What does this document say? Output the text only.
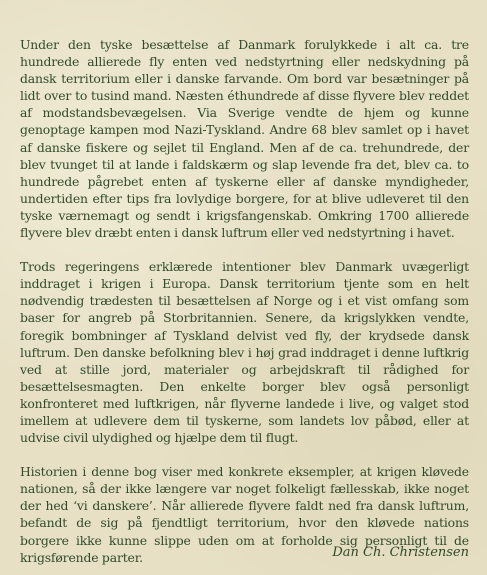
Under den tyske besættelse af Danmark forulykkede i alt ca. tre hundrede allierede fly enten ved nedstyrtning eller nedskydning på dansk territorium eller i danske farvande. Om bord var besætninger på lidt over to tusind mand. Næsten éthundrede af disse flyvere blev reddet af modstandsbevægelsen. Via Sverige vendte de hjem og kunne genoptage kampen mod Nazi-Tyskland. Andre 68 blev samlet op i havet af danske fiskere og sejlet til England. Men af de ca. trehundrede, der blev tvunget til at lande i faldskærm og slap levende fra det, blev ca. to hundrede pågrebet enten af tyskerne eller af danske myndigheder, undertiden efter tips fra lovlydige borgere, for at blive udleveret til den tyske værnemagt og sendt i krigsfangenskab. Omkring 1700 allierede flyvere blev dræbt enten i dansk luftrum eller ved nedstyrtning i havet.

Trods regeringens erklærede intentioner blev Danmark uvægerligt inddraget i krigen i Europa. Dansk territorium tjente som en helt nødvendig trædesten til besættelsen af Norge og i et vist omfang som baser for angreb på Storbritannien. Senere, da krigslykken vendte, foregik bombninger af Tyskland delvist ved fly, der krydsede dansk luftrum. Den danske befolkning blev i høj grad inddraget i denne luftkrig ved at stille jord, materialer og arbejdskraft til rådighed for besættelsesmagten. Den enkelte borger blev også personligt konfronteret med luftkrigen, når flyverne landede i live, og valget stod imellem at udlevere dem til tyskerne, som landets lov påbød, eller at udvise civil ulydighed og hjælpe dem til flugt.

Historien i denne bog viser med konkrete eksempler, at krigen kløvede nationen, så der ikke længere var noget folkeligt fællesskab, ikke noget der hed ‘vi danskere’. Når allierede flyvere faldt ned fra dansk luftrum, befandt de sig på fjendtligt territorium, hvor den kløvede nations borgere ikke kunne slippe uden om at forholde sig personligt til de krigsførende parter.	Dan Ch. Christensen
